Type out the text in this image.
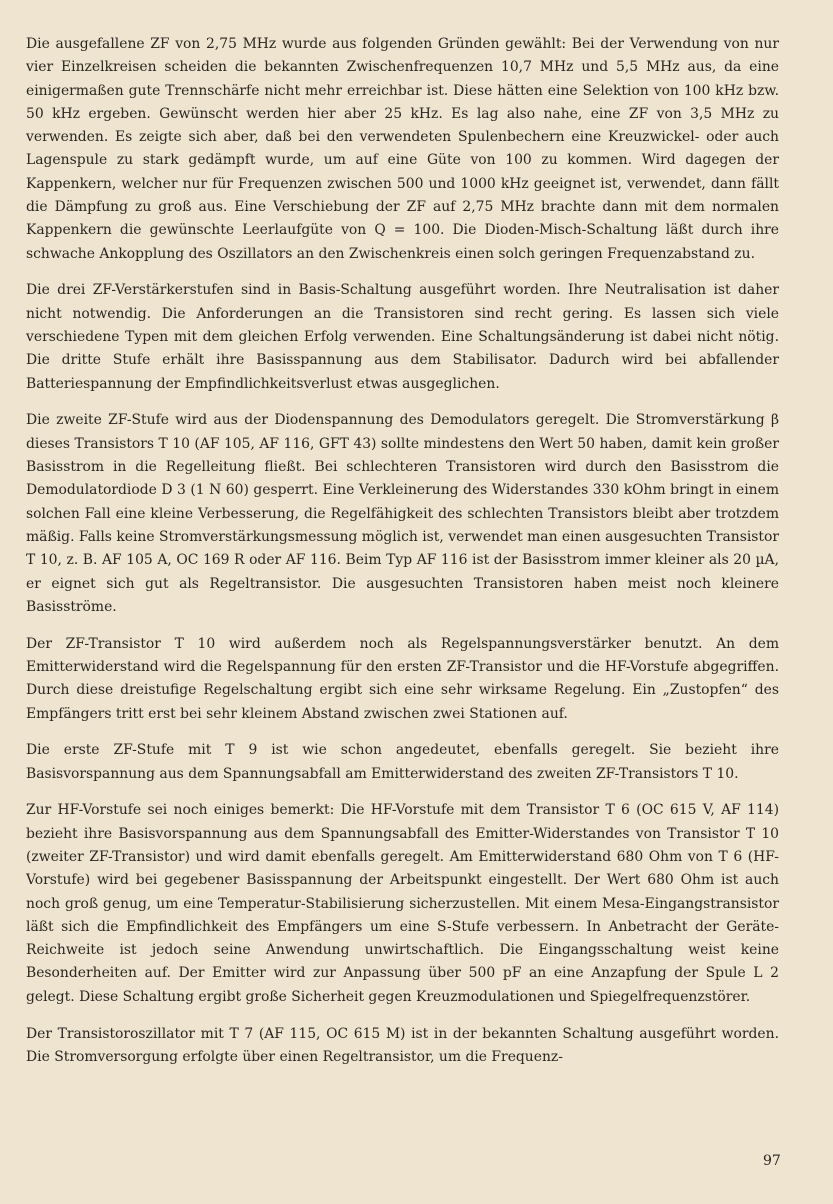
Die ausgefallene ZF von 2,75 MHz wurde aus folgenden Gründen gewählt: Bei der Verwendung von nur vier Einzelkreisen scheiden die bekannten Zwischenfrequenzen 10,7 MHz und 5,5 MHz aus, da eine einigermaßen gute Trennschärfe nicht mehr erreichbar ist. Diese hätten eine Selektion von 100 kHz bzw. 50 kHz ergeben. Gewünscht werden hier aber 25 kHz. Es lag also nahe, eine ZF von 3,5 MHz zu verwenden. Es zeigte sich aber, daß bei den verwendeten Spulenbechern eine Kreuzwickel- oder auch Lagenspule zu stark gedämpft wurde, um auf eine Güte von 100 zu kommen. Wird dagegen der Kappenkern, welcher nur für Frequenzen zwischen 500 und 1000 kHz geeignet ist, verwendet, dann fällt die Dämpfung zu groß aus. Eine Verschiebung der ZF auf 2,75 MHz brachte dann mit dem normalen Kappenkern die gewünschte Leerlaufgüte von Q = 100. Die Dioden-Misch-Schaltung läßt durch ihre schwache Ankopplung des Oszillators an den Zwischenkreis einen solch geringen Frequenzabstand zu.

Die drei ZF-Verstärkerstufen sind in Basis-Schaltung ausgeführt worden. Ihre Neutralisation ist daher nicht notwendig. Die Anforderungen an die Transistoren sind recht gering. Es lassen sich viele verschiedene Typen mit dem gleichen Erfolg verwenden. Eine Schaltungsänderung ist dabei nicht nötig. Die dritte Stufe erhält ihre Basisspannung aus dem Stabilisator. Dadurch wird bei abfallender Batteriespannung der Empfindlichkeitsverlust etwas ausgeglichen.

Die zweite ZF-Stufe wird aus der Diodenspannung des Demodulators geregelt. Die Stromverstärkung β dieses Transistors T 10 (AF 105, AF 116, GFT 43) sollte mindestens den Wert 50 haben, damit kein großer Basisstrom in die Regelleitung fließt. Bei schlechteren Transistoren wird durch den Basisstrom die Demodulatordiode D 3 (1 N 60) gesperrt. Eine Verkleinerung des Widerstandes 330 kOhm bringt in einem solchen Fall eine kleine Verbesserung, die Regelfähigkeit des schlechten Transistors bleibt aber trotzdem mäßig. Falls keine Stromverstärkungsmessung möglich ist, verwendet man einen ausgesuchten Transistor T 10, z. B. AF 105 A, OC 169 R oder AF 116. Beim Typ AF 116 ist der Basisstrom immer kleiner als 20 µA, er eignet sich gut als Regeltransistor. Die ausgesuchten Transistoren haben meist noch kleinere Basisströme.

Der ZF-Transistor T 10 wird außerdem noch als Regelspannungsverstärker benutzt. An dem Emitterwiderstand wird die Regelspannung für den ersten ZF-Transistor und die HF-Vorstufe abgegriffen. Durch diese dreistufige Regelschaltung ergibt sich eine sehr wirksame Regelung. Ein „Zustopfen“ des Empfängers tritt erst bei sehr kleinem Abstand zwischen zwei Stationen auf.

Die erste ZF-Stufe mit T 9 ist wie schon angedeutet, ebenfalls geregelt. Sie bezieht ihre Basisvorspannung aus dem Spannungsabfall am Emitterwiderstand des zweiten ZF-Transistors T 10.

Zur HF-Vorstufe sei noch einiges bemerkt: Die HF-Vorstufe mit dem Transistor T 6 (OC 615 V, AF 114) bezieht ihre Basisvorspannung aus dem Spannungsabfall des Emitter-Widerstandes von Transistor T 10 (zweiter ZF-Transistor) und wird damit ebenfalls geregelt. Am Emitterwiderstand 680 Ohm von T 6 (HF-Vorstufe) wird bei gegebener Basisspannung der Arbeitspunkt eingestellt. Der Wert 680 Ohm ist auch noch groß genug, um eine Temperatur-Stabilisierung sicherzustellen. Mit einem Mesa-Eingangstransistor läßt sich die Empfindlichkeit des Empfängers um eine S-Stufe verbessern. In Anbetracht der Geräte-Reichweite ist jedoch seine Anwendung unwirtschaftlich. Die Eingangsschaltung weist keine Besonderheiten auf. Der Emitter wird zur Anpassung über 500 pF an eine Anzapfung der Spule L 2 gelegt. Diese Schaltung ergibt große Sicherheit gegen Kreuzmodulationen und Spiegelfrequenzstörer.

Der Transistoroszillator mit T 7 (AF 115, OC 615 M) ist in der bekannten Schaltung ausgeführt worden. Die Stromversorgung erfolgte über einen Regeltransistor, um die Frequenz-

97
